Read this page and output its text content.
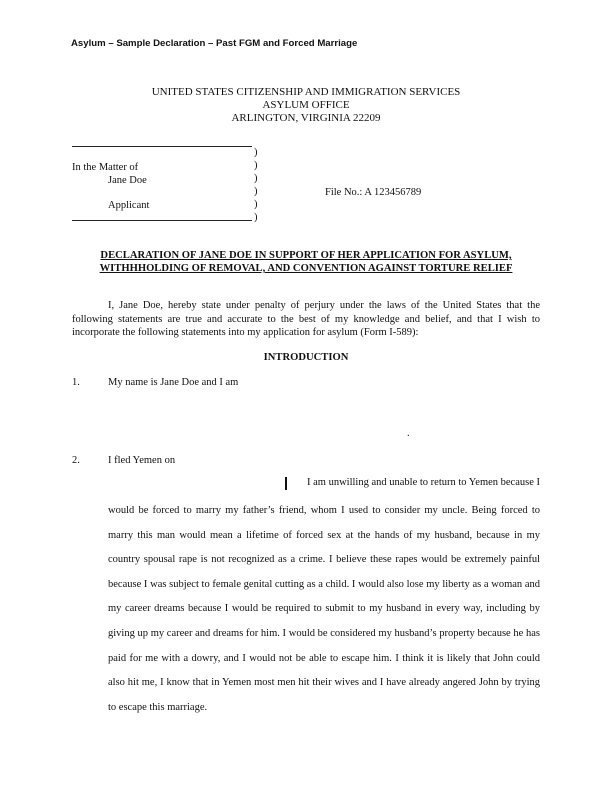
Asylum – Sample Declaration – Past FGM and Forced Marriage
UNITED STATES CITIZENSHIP AND IMMIGRATION SERVICES
ASYLUM OFFICE
ARLINGTON, VIRGINIA 22209
In the Matter of
Jane Doe
Applicant
)
)
)
)
)
)
File No.: A 123456789
DECLARATION OF JANE DOE IN SUPPORT OF HER APPLICATION FOR ASYLUM,
WITHHHOLDING OF REMOVAL, AND CONVENTION AGAINST TORTURE RELIEF
I, Jane Doe, hereby state under penalty of perjury under the laws of the United States that the following statements are true and accurate to the best of my knowledge and belief, and that I wish to incorporate the following statements into my application for asylum (Form I-589):
INTRODUCTION
1.	My name is Jane Doe and I am
.
2.	I fled Yemen on
I am unwilling and unable to return to Yemen because I
would be forced to marry my father’s friend, whom I used to consider my uncle. Being forced to marry this man would mean a lifetime of forced sex at the hands of my husband, because in my country spousal rape is not recognized as a crime. I believe these rapes would be extremely painful because I was subject to female genital cutting as a child. I would also lose my liberty as a woman and my career dreams because I would be required to submit to my husband in every way, including by giving up my career and dreams for him. I would be considered my husband’s property because he has paid for me with a dowry, and I would not be able to escape him. I think it is likely that John could also hit me, I know that in Yemen most men hit their wives and I have already angered John by trying to escape this marriage.
